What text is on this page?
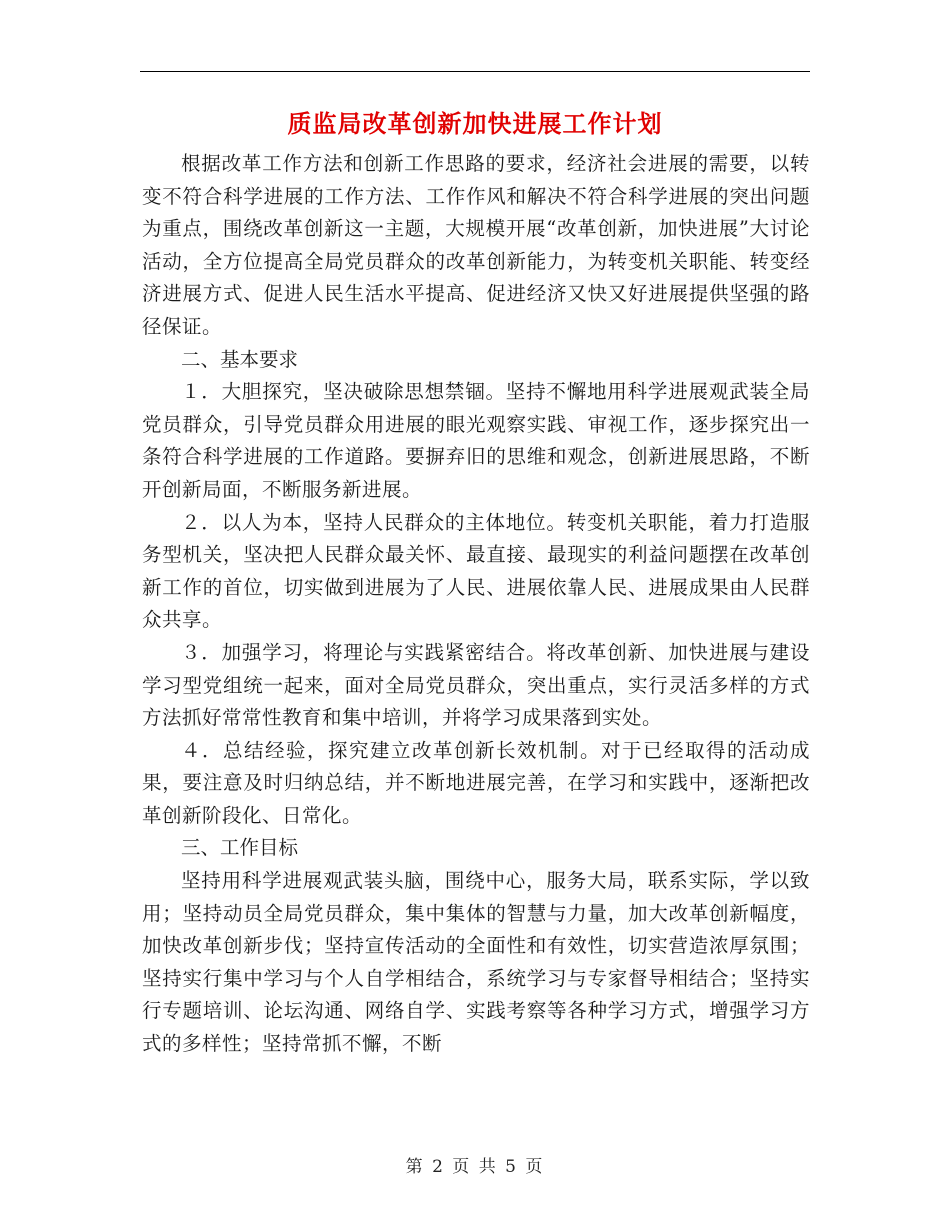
质监局改革创新加快进展工作计划

根据改革工作方法和创新工作思路的要求，经济社会进展的需要，以转变不符合科学进展的工作方法、工作作风和解决不符合科学进展的突出问题为重点，围绕改革创新这一主题，大规模开展“改革创新，加快进展”大讨论活动，全方位提高全局党员群众的改革创新能力，为转变机关职能、转变经济进展方式、促进人民生活水平提高、促进经济又快又好进展提供坚强的路径保证。

二、基本要求

１．大胆探究，坚决破除思想禁锢。坚持不懈地用科学进展观武装全局党员群众，引导党员群众用进展的眼光观察实践、审视工作，逐步探究出一条符合科学进展的工作道路。要摒弃旧的思维和观念，创新进展思路，不断开创新局面，不断服务新进展。

２．以人为本，坚持人民群众的主体地位。转变机关职能，着力打造服务型机关，坚决把人民群众最关怀、最直接、最现实的利益问题摆在改革创新工作的首位，切实做到进展为了人民、进展依靠人民、进展成果由人民群众共享。

３．加强学习，将理论与实践紧密结合。将改革创新、加快进展与建设学习型党组统一起来，面对全局党员群众，突出重点，实行灵活多样的方式方法抓好常常性教育和集中培训，并将学习成果落到实处。

４．总结经验，探究建立改革创新长效机制。对于已经取得的活动成果，要注意及时归纳总结，并不断地进展完善，在学习和实践中，逐渐把改革创新阶段化、日常化。

三、工作目标

坚持用科学进展观武装头脑，围绕中心，服务大局，联系实际，学以致用；坚持动员全局党员群众，集中集体的智慧与力量，加大改革创新幅度，加快改革创新步伐；坚持宣传活动的全面性和有效性，切实营造浓厚氛围；坚持实行集中学习与个人自学相结合，系统学习与专家督导相结合；坚持实行专题培训、论坛沟通、网络自学、实践考察等各种学习方式，增强学习方式的多样性；坚持常抓不懈，不断

第 2 页 共 5 页
